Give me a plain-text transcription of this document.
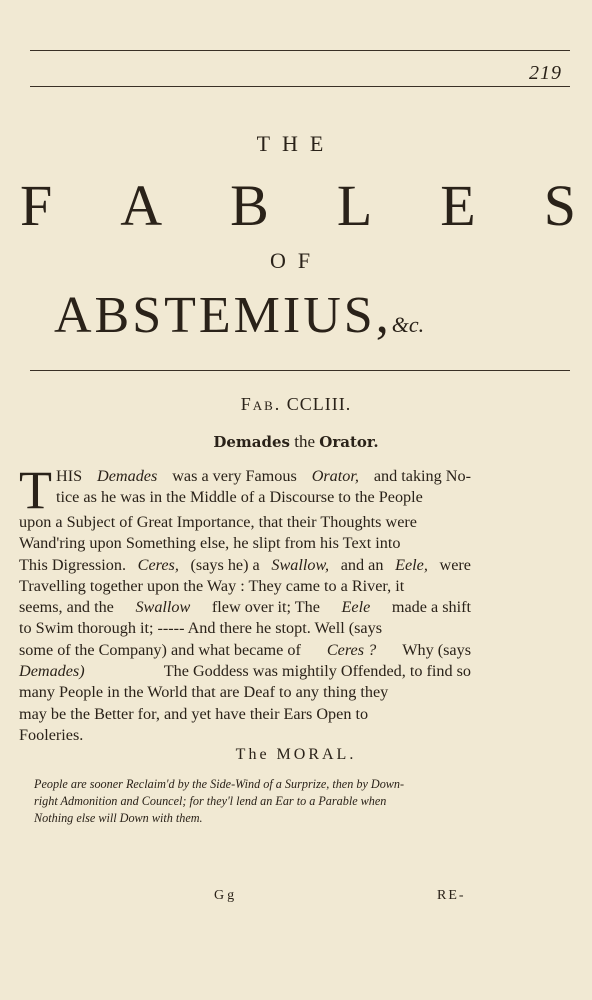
219
THE
F A B L E S
OF
ABSTEMIUS,&c.
Fab. CCLIII.
Demades the Orator.
T HIS Demades was a very Famous Orator, and taking No-
tice as he was in the Middle of a Discourse to the People
upon a Subject of Great Importance, that their Thoughts were
Wand'ring upon Something else, he slipt from his Text into
This Digression. Ceres, (says he) a Swallow, and an Eele, were
Travelling together upon the Way : They came to a River, it
seems, and the Swallow flew over it; The Eele made a shift
to Swim thorough it; ----- And there he stopt. Well (says
some of the Company) and what became of Ceres ? Why (says
Demades)	The Goddess was mightily Offended, to find so
many People in the World that are Deaf to any thing they
may be the Better for, and yet have their Ears Open to
Fooleries.
The MORAL.
People are sooner Reclaim'd by the Side-Wind of a Surprize, then by Down-
right Admonition and Councel; for they'l lend an Ear to a Parable when
Nothing else will Down with them.
Gg	RE-
